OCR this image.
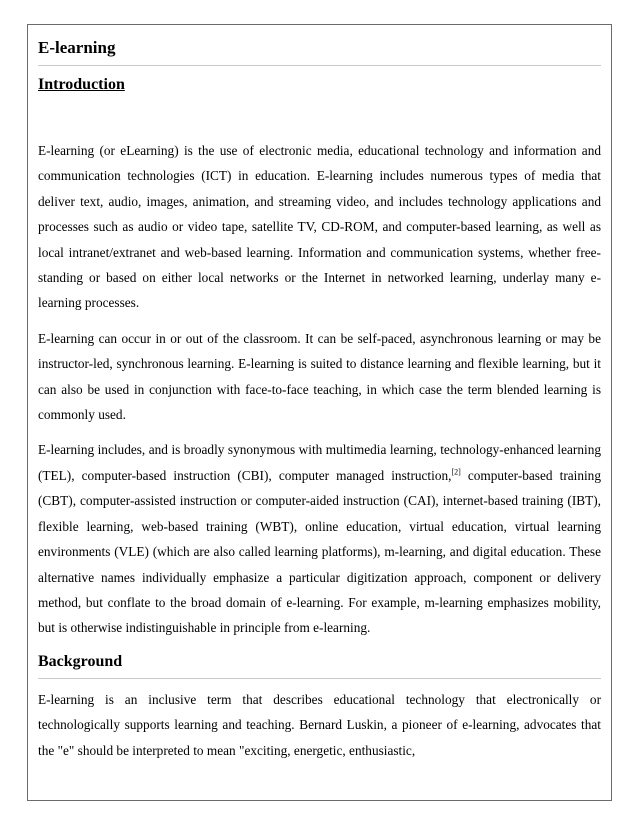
E-learning
Introduction

E-learning (or eLearning) is the use of electronic media, educational technology and information and communication technologies (ICT) in education. E-learning includes numerous types of media that deliver text, audio, images, animation, and streaming video, and includes technology applications and processes such as audio or video tape, satellite TV, CD-ROM, and computer-based learning, as well as local intranet/extranet and web-based learning. Information and communication systems, whether free-standing or based on either local networks or the Internet in networked learning, underlay many e-learning processes.

E-learning can occur in or out of the classroom. It can be self-paced, asynchronous learning or may be instructor-led, synchronous learning. E-learning is suited to distance learning and flexible learning, but it can also be used in conjunction with face-to-face teaching, in which case the term blended learning is commonly used.

E-learning includes, and is broadly synonymous with multimedia learning, technology-enhanced learning (TEL), computer-based instruction (CBI), computer managed instruction,[2] computer-based training (CBT), computer-assisted instruction or computer-aided instruction (CAI), internet-based training (IBT), flexible learning, web-based training (WBT), online education, virtual education, virtual learning environments (VLE) (which are also called learning platforms), m-learning, and digital education. These alternative names individually emphasize a particular digitization approach, component or delivery method, but conflate to the broad domain of e-learning. For example, m-learning emphasizes mobility, but is otherwise indistinguishable in principle from e-learning.

Background

E-learning is an inclusive term that describes educational technology that electronically or technologically supports learning and teaching. Bernard Luskin, a pioneer of e-learning, advocates that the "e" should be interpreted to mean "exciting, energetic, enthusiastic,
